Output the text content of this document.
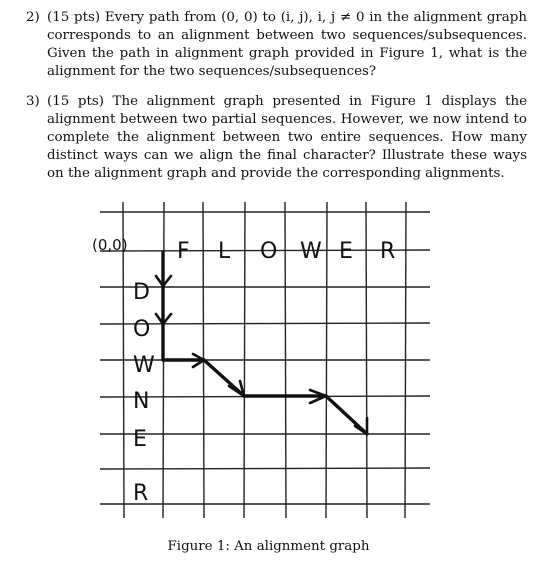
2) (15 pts) Every path from (0, 0) to (i, j), i, j ≠ 0 in the alignment graph corresponds to an alignment between two sequences/subsequences. Given the path in alignment graph provided in Figure 1, what is the alignment for the two sequences/subsequences?
3) (15 pts) The alignment graph presented in Figure 1 displays the alignment between two partial sequences. However, we now intend to complete the alignment between two entire sequences. How many distinct ways can we align the final character? Illustrate these ways on the alignment graph and provide the corresponding alignments.
(0,0) F L O W E R
D
O
W
N
E
R
Figure 1: An alignment graph
